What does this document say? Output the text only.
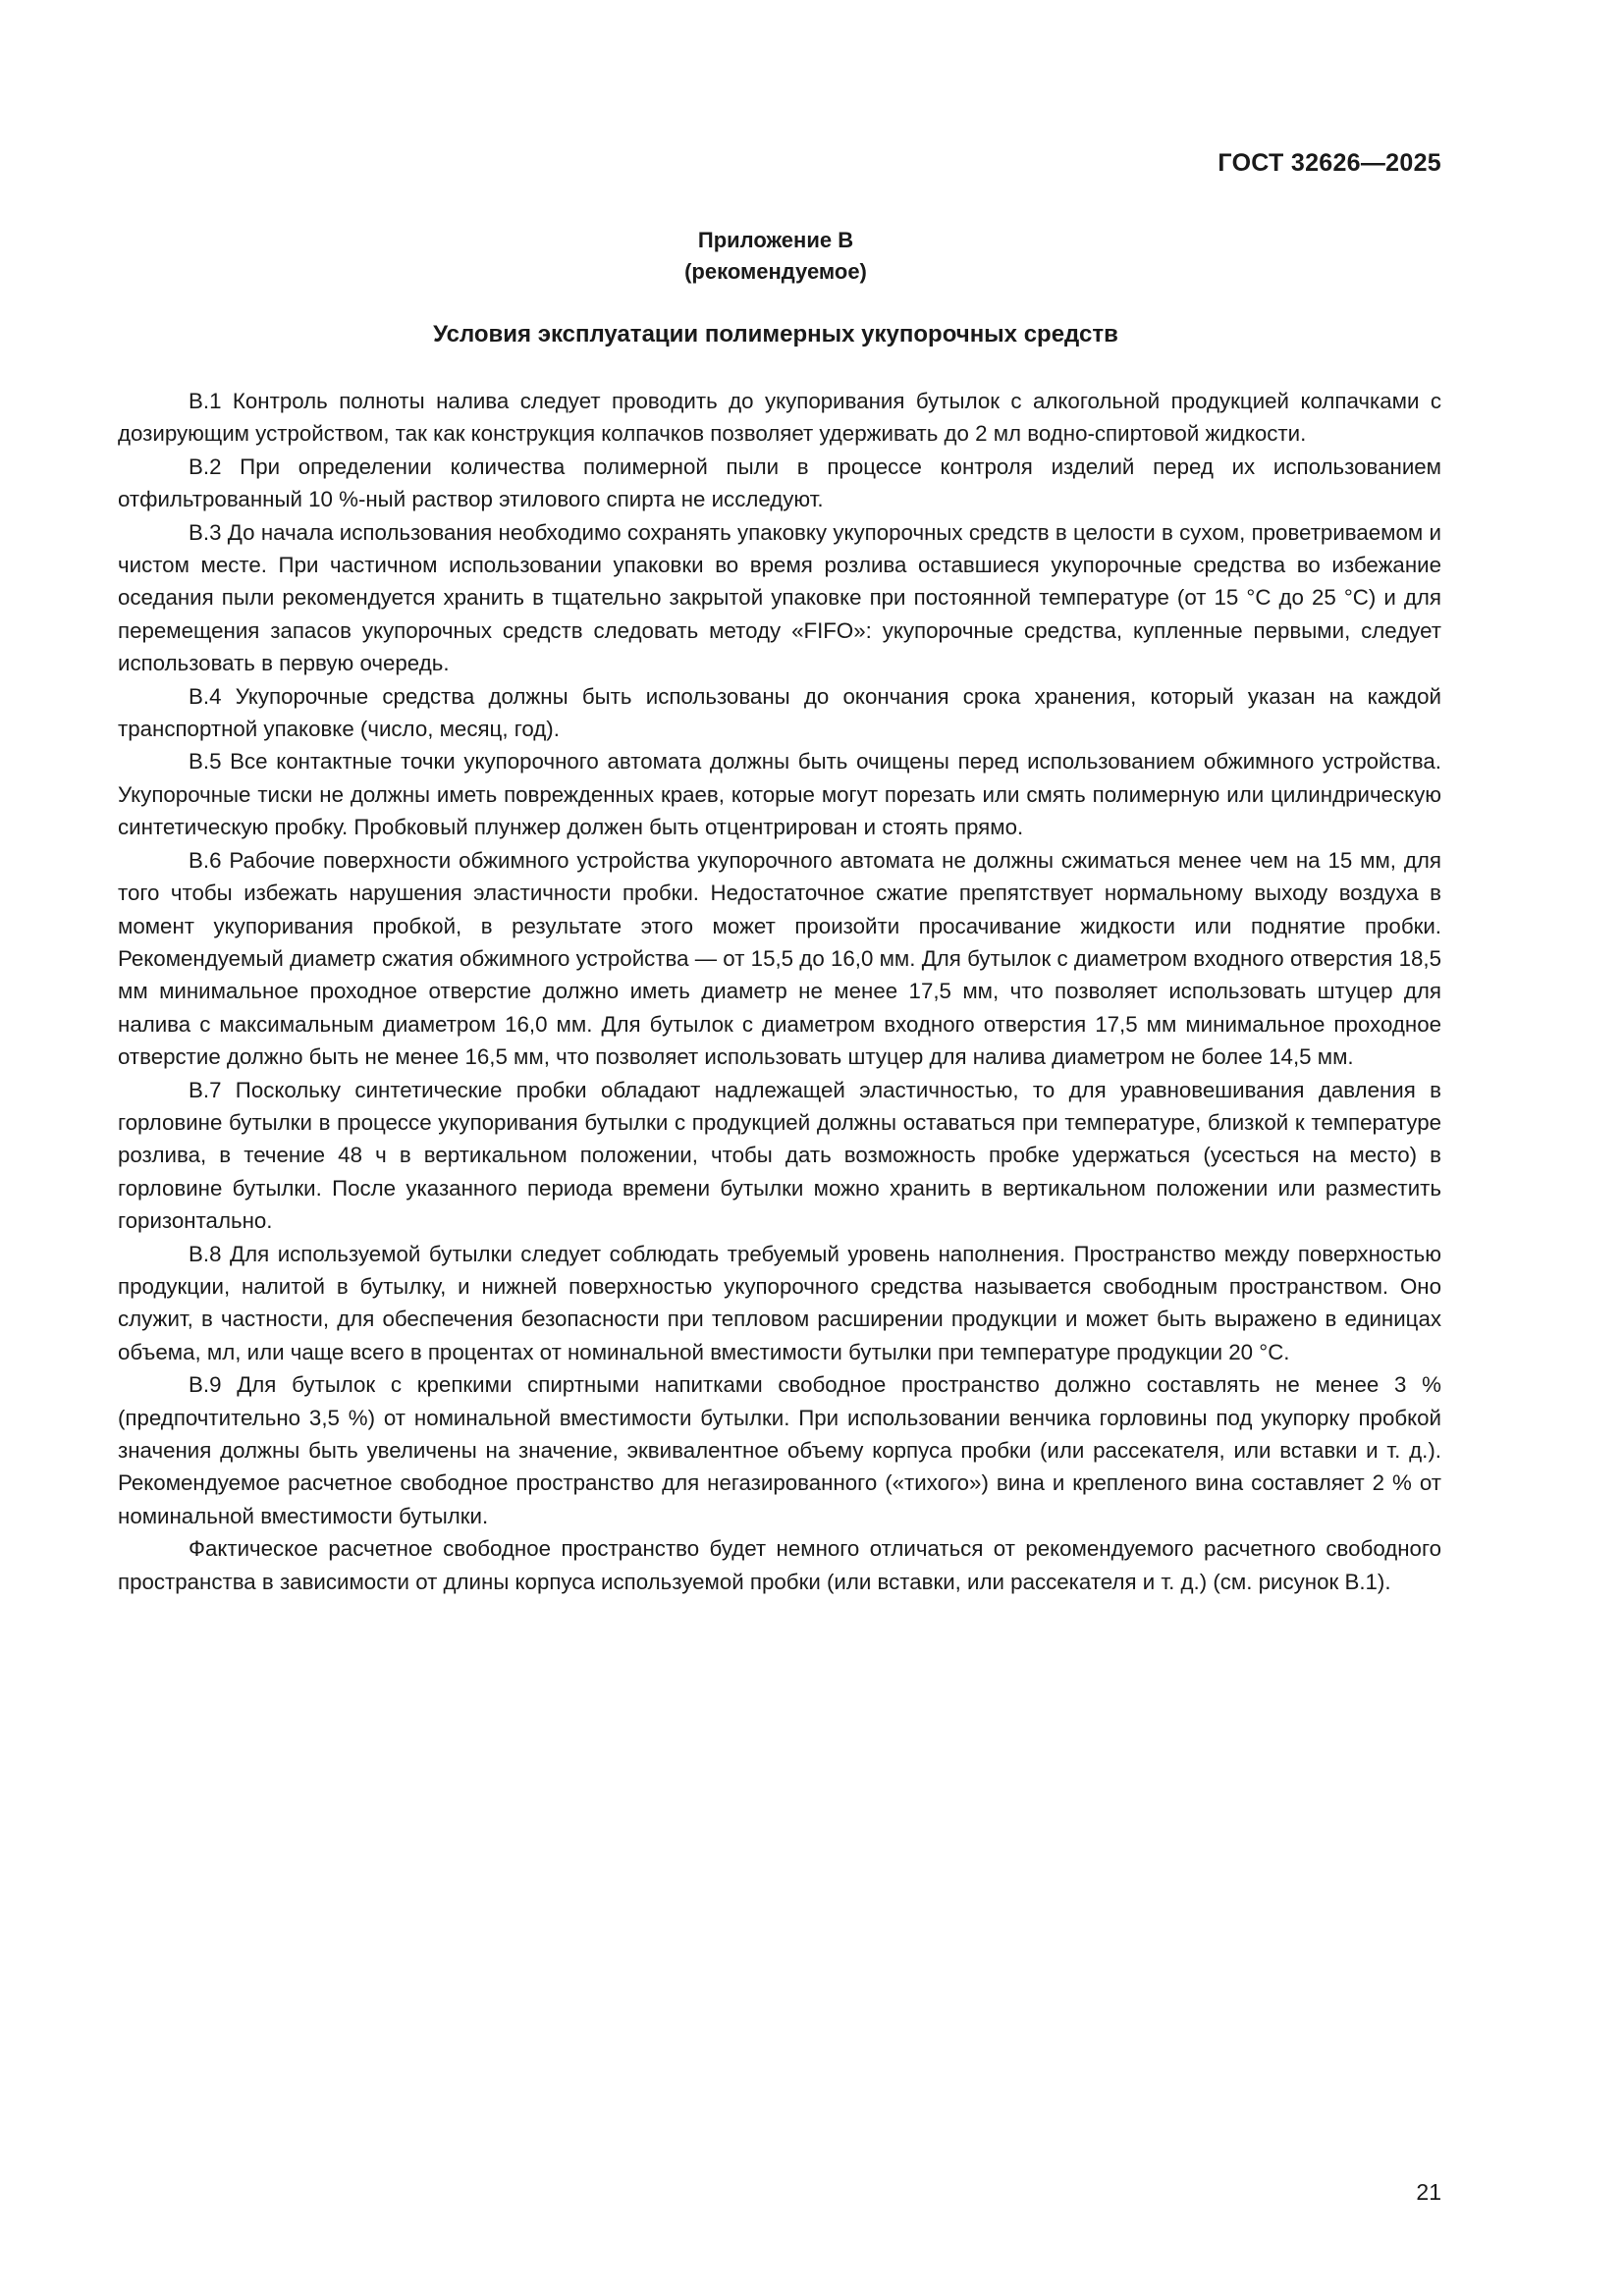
ГОСТ 32626—2025
Приложение В
(рекомендуемое)
Условия эксплуатации полимерных укупорочных средств

В.1 Контроль полноты налива следует проводить до укупоривания бутылок с алкогольной продукцией колпачками с дозирующим устройством, так как конструкция колпачков позволяет удерживать до 2 мл водно-спиртовой жидкости.

В.2 При определении количества полимерной пыли в процессе контроля изделий перед их использованием отфильтрованный 10 %-ный раствор этилового спирта не исследуют.

В.3 До начала использования необходимо сохранять упаковку укупорочных средств в целости в сухом, проветриваемом и чистом месте. При частичном использовании упаковки во время розлива оставшиеся укупорочные средства во избежание оседания пыли рекомендуется хранить в тщательно закрытой упаковке при постоянной температуре (от 15 °С до 25 °С) и для перемещения запасов укупорочных средств следовать методу «FIFO»: укупорочные средства, купленные первыми, следует использовать в первую очередь.

В.4 Укупорочные средства должны быть использованы до окончания срока хранения, который указан на каждой транспортной упаковке (число, месяц, год).

В.5 Все контактные точки укупорочного автомата должны быть очищены перед использованием обжимного устройства. Укупорочные тиски не должны иметь поврежденных краев, которые могут порезать или смять полимерную или цилиндрическую синтетическую пробку. Пробковый плунжер должен быть отцентрирован и стоять прямо.

В.6 Рабочие поверхности обжимного устройства укупорочного автомата не должны сжиматься менее чем на 15 мм, для того чтобы избежать нарушения эластичности пробки. Недостаточное сжатие препятствует нормальному выходу воздуха в момент укупоривания пробкой, в результате этого может произойти просачивание жидкости или поднятие пробки. Рекомендуемый диаметр сжатия обжимного устройства — от 15,5 до 16,0 мм. Для бутылок с диаметром входного отверстия 18,5 мм минимальное проходное отверстие должно иметь диаметр не менее 17,5 мм, что позволяет использовать штуцер для налива с максимальным диаметром 16,0 мм. Для бутылок с диаметром входного отверстия 17,5 мм минимальное проходное отверстие должно быть не менее 16,5 мм, что позволяет использовать штуцер для налива диаметром не более 14,5 мм.

В.7 Поскольку синтетические пробки обладают надлежащей эластичностью, то для уравновешивания давления в горловине бутылки в процессе укупоривания бутылки с продукцией должны оставаться при температуре, близкой к температуре розлива, в течение 48 ч в вертикальном положении, чтобы дать возможность пробке удержаться (усесться на место) в горловине бутылки. После указанного периода времени бутылки можно хранить в вертикальном положении или разместить горизонтально.

В.8 Для используемой бутылки следует соблюдать требуемый уровень наполнения. Пространство между поверхностью продукции, налитой в бутылку, и нижней поверхностью укупорочного средства называется свободным пространством. Оно служит, в частности, для обеспечения безопасности при тепловом расширении продукции и может быть выражено в единицах объема, мл, или чаще всего в процентах от номинальной вместимости бутылки при температуре продукции 20 °С.

В.9 Для бутылок с крепкими спиртными напитками свободное пространство должно составлять не менее 3 % (предпочтительно 3,5 %) от номинальной вместимости бутылки. При использовании венчика горловины под укупорку пробкой значения должны быть увеличены на значение, эквивалентное объему корпуса пробки (или рассекателя, или вставки и т. д.). Рекомендуемое расчетное свободное пространство для негазированного («тихого») вина и крепленого вина составляет 2 % от номинальной вместимости бутылки.

Фактическое расчетное свободное пространство будет немного отличаться от рекомендуемого расчетного свободного пространства в зависимости от длины корпуса используемой пробки (или вставки, или рассекателя и т. д.) (см. рисунок В.1).

21
